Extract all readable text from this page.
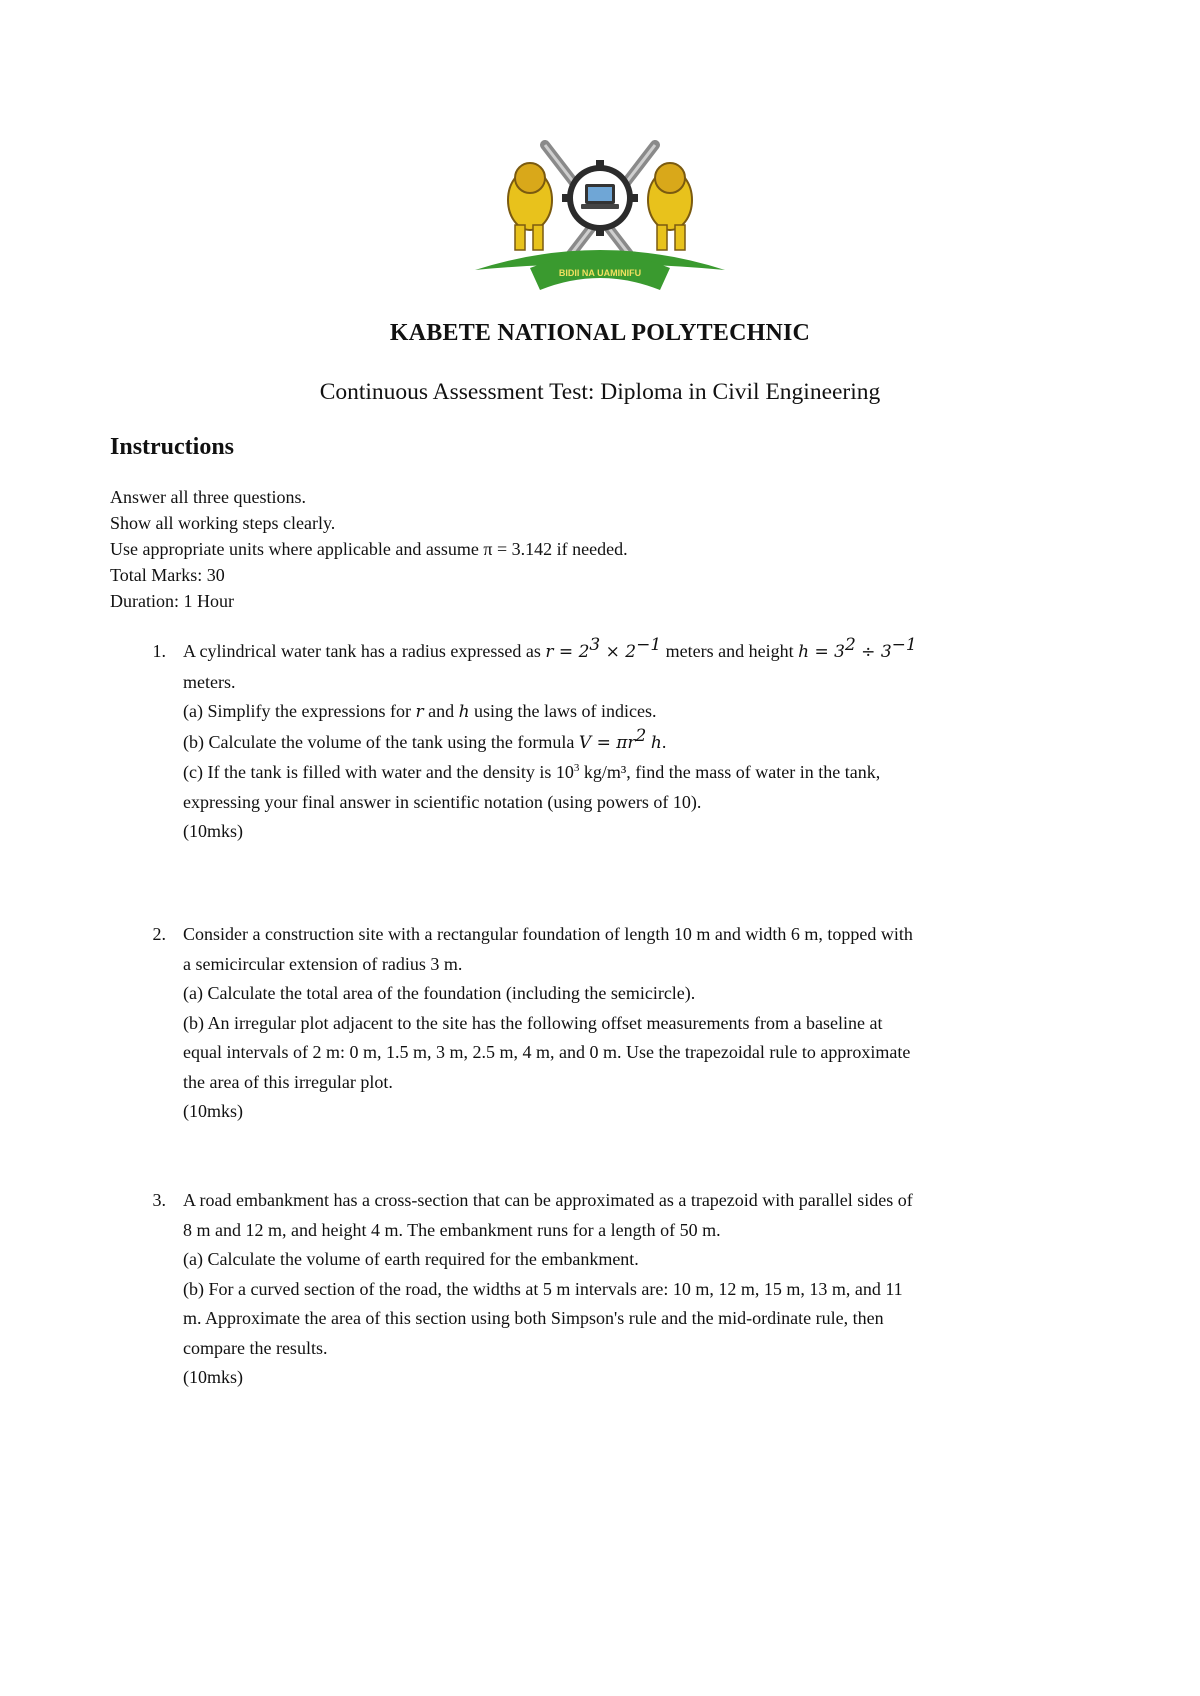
BIDII NA UAMINIFU
KABETE NATIONAL POLYTECHNIC
Continuous Assessment Test: Diploma in Civil Engineering
Instructions
Answer all three questions.
Show all working steps clearly.
Use appropriate units where applicable and assume π = 3.142 if needed.
Total Marks: 30
Duration: 1 Hour
1. A cylindrical water tank has a radius expressed as $r = 2^3 \times 2^{-1}$ meters and height $h = 3^2 \div 3^{-1}$
meters.
(a) Simplify the expressions for r and h using the laws of indices.
(b) Calculate the volume of the tank using the formula $V = \pi r^2$ h.
(c) If the tank is filled with water and the density is $10^3$ kg/m³, find the mass of water in the tank,
expressing your final answer in scientific notation (using powers of 10).
(10mks)
2. Consider a construction site with a rectangular foundation of length 10 m and width 6 m, topped with
a semicircular extension of radius 3 m.
(a) Calculate the total area of the foundation (including the semicircle).
(b) An irregular plot adjacent to the site has the following offset measurements from a baseline at
equal intervals of 2 m: 0 m, 1.5 m, 3 m, 2.5 m, 4 m, and 0 m. Use the trapezoidal rule to approximate
the area of this irregular plot.
(10mks)
3. A road embankment has a cross-section that can be approximated as a trapezoid with parallel sides of
8 m and 12 m, and height 4 m. The embankment runs for a length of 50 m.
(a) Calculate the volume of earth required for the embankment.
(b) For a curved section of the road, the widths at 5 m intervals are: 10 m, 12 m, 15 m, 13 m, and 11
m. Approximate the area of this section using both Simpson's rule and the mid-ordinate rule, then
compare the results.
(10mks)
